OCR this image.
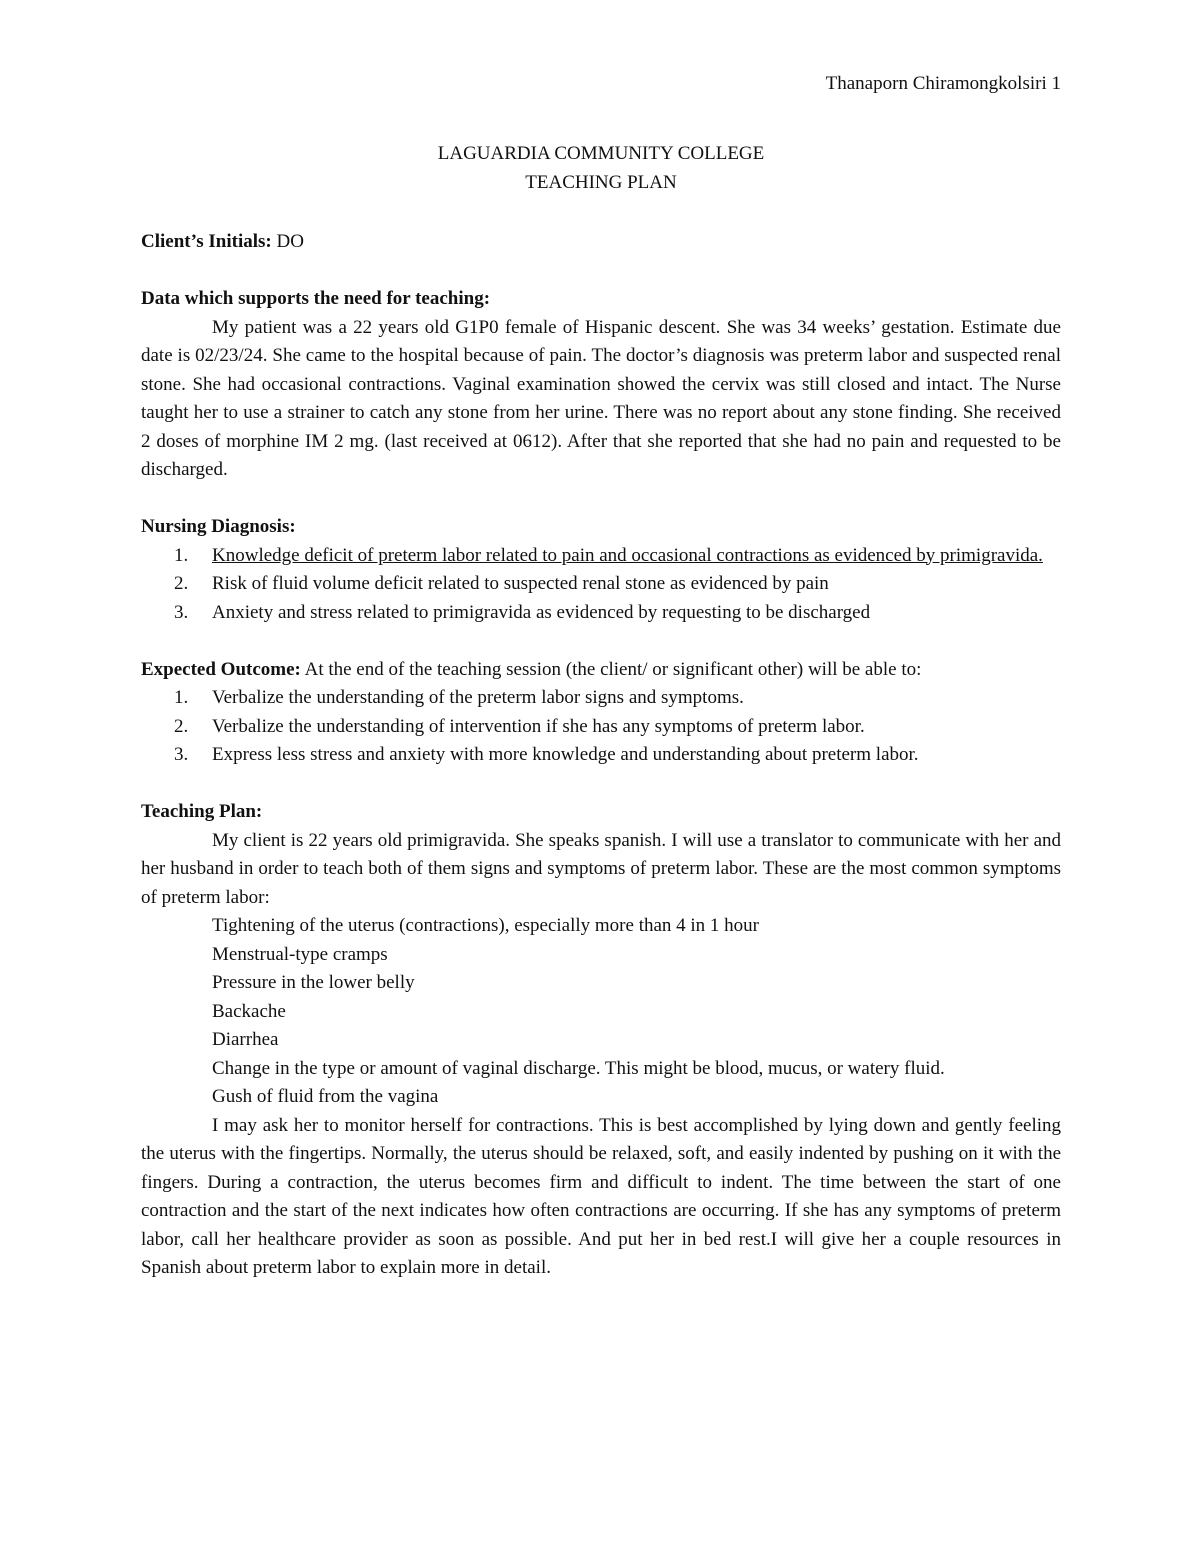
Thanaporn Chiramongkolsiri 1
LAGUARDIA COMMUNITY COLLEGE
TEACHING PLAN

Client’s Initials: DO

Data which supports the need for teaching:

My patient was a 22 years old G1P0 female of Hispanic descent. She was 34 weeks’ gestation. Estimate due date is 02/23/24. She came to the hospital because of pain. The doctor’s diagnosis was preterm labor and suspected renal stone. She had occasional contractions. Vaginal examination showed the cervix was still closed and intact. The Nurse taught her to use a strainer to catch any stone from her urine. There was no report about any stone finding. She received 2 doses of morphine IM 2 mg. (last received at 0612). After that she reported that she had no pain and requested to be discharged.

Nursing Diagnosis:

1. Knowledge deficit of preterm labor related to pain and occasional contractions as evidenced by primigravida.
2. Risk of fluid volume deficit related to suspected renal stone as evidenced by pain
3. Anxiety and stress related to primigravida as evidenced by requesting to be discharged

Expected Outcome: At the end of the teaching session (the client/ or significant other) will be able to:

1. Verbalize the understanding of the preterm labor signs and symptoms.
2. Verbalize the understanding of intervention if she has any symptoms of preterm labor.
3. Express less stress and anxiety with more knowledge and understanding about preterm labor.

Teaching Plan:

My client is 22 years old primigravida. She speaks spanish. I will use a translator to communicate with her and her husband in order to teach both of them signs and symptoms of preterm labor. These are the most common symptoms of preterm labor:

Tightening of the uterus (contractions), especially more than 4 in 1 hour
Menstrual-type cramps
Pressure in the lower belly
Backache
Diarrhea
Change in the type or amount of vaginal discharge. This might be blood, mucus, or watery fluid.
Gush of fluid from the vagina

I may ask her to monitor herself for contractions. This is best accomplished by lying down and gently feeling the uterus with the fingertips. Normally, the uterus should be relaxed, soft, and easily indented by pushing on it with the fingers. During a contraction, the uterus becomes firm and difficult to indent. The time between the start of one contraction and the start of the next indicates how often contractions are occurring. If she has any symptoms of preterm labor, call her healthcare provider as soon as possible. And put her in bed rest.I will give her a couple resources in Spanish about preterm labor to explain more in detail.
